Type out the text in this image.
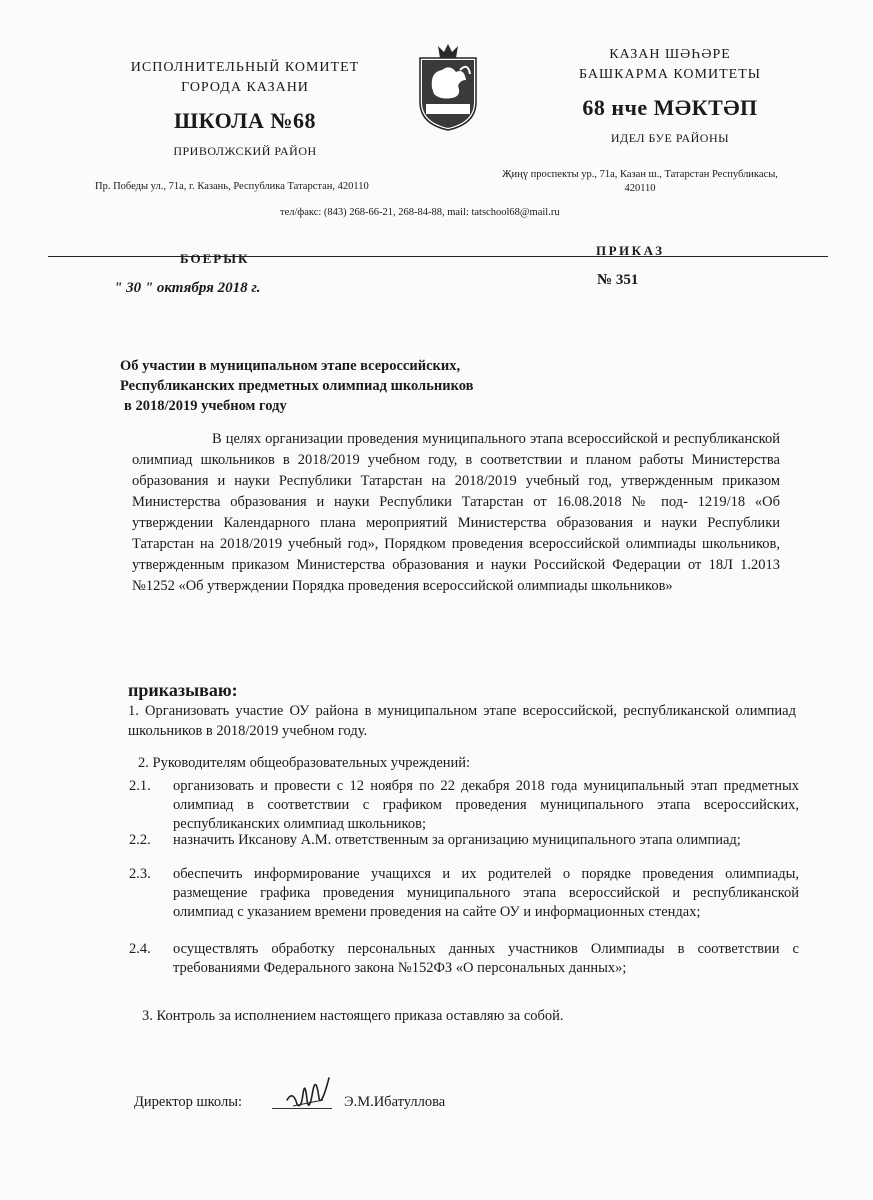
ИСПОЛНИТЕЛЬНЫЙ КОМИТЕТ
ГОРОДА КАЗАНИ
ШКОЛА №68
ПРИВОЛЖСКИЙ РАЙОН
КАЗАН ШӘҺӘРЕ
БАШКАРМА КОМИТЕТЫ
68 нче МӘКТӘП
ИДЕЛ БУЕ РАЙОНЫ
Пр. Победы ул., 71а, г. Казань, Республика Татарстан, 420110
Җиңү проспекты ур., 71а, Казан ш., Татарстан Республикасы,
420110
тел/факс: (843) 268-66-21, 268-84-88, mail: tatschool68@mail.ru
БОЕРЫК
ПРИКАЗ
" 30 " октября 2018 г.	№ 351
Об участии в муниципальном этапе всероссийских,
Республиканских предметных олимпиад школьников
в 2018/2019 учебном году
В целях организации проведения муниципального этапа всероссийской и республиканской олимпиад школьников в 2018/2019 учебном году, в соответствии и планом работы Министерства образования и науки Республики Татарстан на 2018/2019 учебный год, утвержденным приказом Министерства образования и науки Республики Татарстан от 16.08.2018 № под- 1219/18 «Об утверждении Календарного плана мероприятий Министерства образования и науки Республики Татарстан на 2018/2019 учебный год», Порядком проведения всероссийской олимпиады школьников, утвержденным приказом Министерства образования и науки Российской Федерации от 18Л 1.2013 №1252 «Об утверждении Порядка проведения всероссийской олимпиады школьников»
приказываю:
1. Организовать участие ОУ района в муниципальном этапе всероссийской, республиканской олимпиад школьников в 2018/2019 учебном году.
2. Руководителям общеобразовательных учреждений:
2.1. организовать и провести с 12 ноября по 22 декабря 2018 года муниципальный этап предметных олимпиад в соответствии с графиком проведения муниципального этапа всероссийских, республиканских олимпиад школьников;
2.2. назначить Иксанову А.М. ответственным за организацию муниципального этапа олимпиад;
2.3. обеспечить информирование учащихся и их родителей о порядке проведения олимпиады, размещение графика проведения муниципального этапа всероссийской и республиканской олимпиад с указанием времени проведения на сайте ОУ и информационных стендах;
2.4. осуществлять обработку персональных данных участников Олимпиады в соответствии с требованиями Федерального закона №152ФЗ «О персональных данных»;
3. Контроль за исполнением настоящего приказа оставляю за собой.
Директор школы:	Э.М.Ибатуллова
